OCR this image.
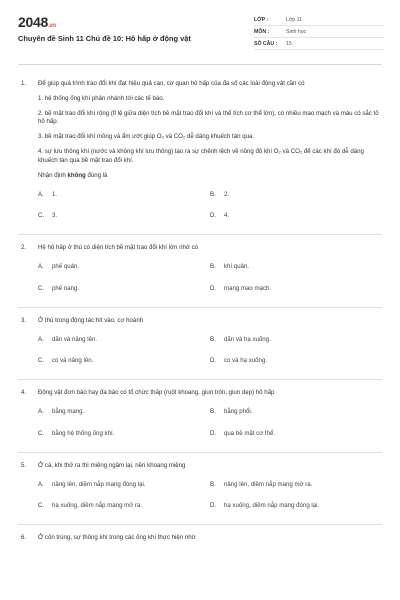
2048.vn
Chuyên đề Sinh 11 Chủ đề 10: Hô hấp ở động vật
LỚP :	Lớp 11
MÔN :	Sinh học
SỐ CÂU :	15
1. Để giúp quá trình trao đổi khí đạt hiệu quả cao, cơ quan hô hấp của đa số các loài động vật cần có
1. hệ thống ống khí phân nhánh tới các tế bào.
2. bề mặt trao đổi khí rộng (tỉ lệ giữa diện tích bề mặt trao đổi khí và thể tích cơ thể lớn), có nhiều mao mạch và máu có sắc tố hô hấp.
3. bề mặt trao đổi khí mỏng và ẩm ướt giúp O₂ và CO₂ dễ dàng khuếch tán qua.
4. sự lưu thông khí (nước và không khí lưu thông) tạo ra sự chênh lệch về nồng độ khí O₂ và CO₂ để các khí đó dễ dàng khuếch tán qua bề mặt trao đổi khí.
Nhận định không đúng là
A.	1.	B.	2.
C.	3.	D.	4.
2. Hệ hô hấp ở thú có diện tích bề mặt trao đổi khí lớn nhờ có
A.	phế quản.	B.	khí quản.
C.	phế nang.	D.	mạng mao mạch.
3. Ở thú trong động tác hít vào, cơ hoành
A.	dãn và nâng lên.	B.	dãn và hạ xuống.
C.	co và nâng lên.	D.	co và hạ xuống.
4. Động vật đơn bào hay đa bào có tổ chức thấp (ruột khoang, giun tròn, giun dẹp) hô hấp
A.	bằng mang.	B.	bằng phổi.
C.	bằng hệ thống ống khí.	D.	qua bề mặt cơ thể.
5. Ở cá, khi thở ra thì miệng ngậm lại, nền khoang miệng
A.	nâng lên, diềm nắp mang đóng lại.	B.	nâng lên, diềm nắp mang mở ra.
C.	hạ xuống, diềm nắp mang mở ra.	D.	hạ xuống, diềm nắp mang đóng lại.
6. Ở côn trùng, sự thông khí trong các ống khí thực hiện nhờ
